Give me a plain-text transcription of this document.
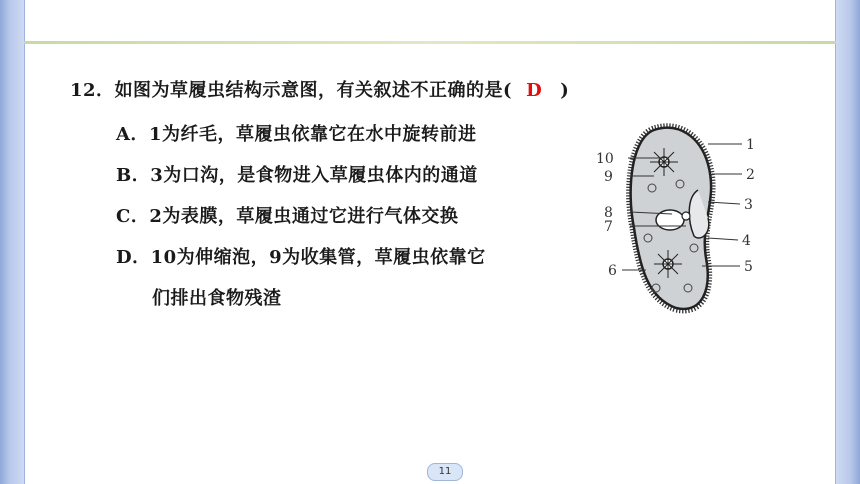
12．如图为草履虫结构示意图，有关叙述不正确的是( D )
A．1为纤毛，草履虫依靠它在水中旋转前进
B．3为口沟，是食物进入草履虫体内的通道
C．2为表膜，草履虫通过它进行气体交换
D．10为伸缩泡，9为收集管，草履虫依靠它
们排出食物残渣
1
2
3
4
5
6
7
8
9
10
11
